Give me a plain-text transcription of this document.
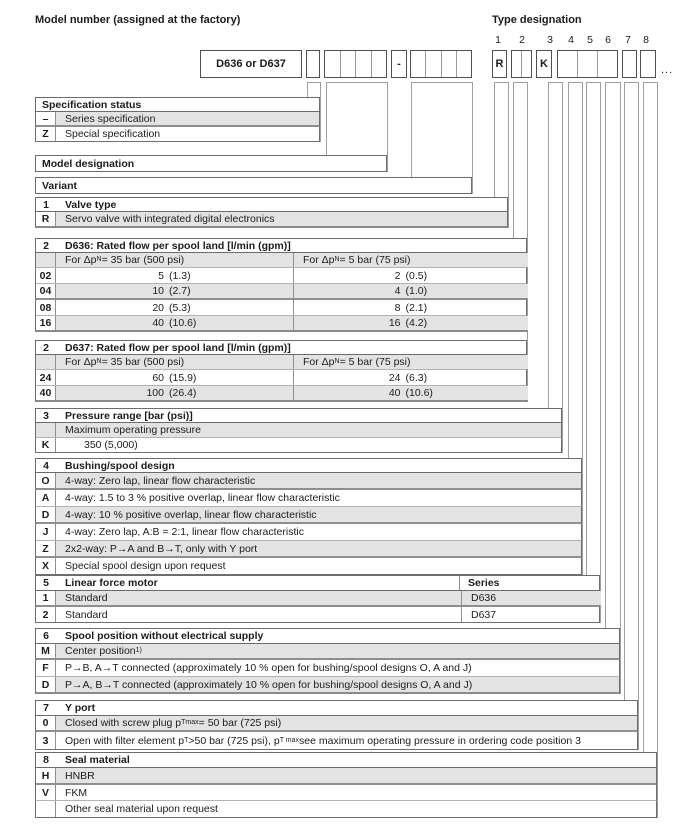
Model number (assigned at the factory)	Type designation
D636 or D637	-	R	K	...
1	2	3	4	5	6	7	8
Specification status
–	Series specification
Z	Special specification
Model designation
Variant
1	Valve type
R	Servo valve with integrated digital electronics
2	D636: Rated flow per spool land [l/min (gpm)]
For Δp N = 35 bar (500 psi)	For Δp N = 5 bar (75 psi)
02	5 (1.3)	2 (0.5)
04	10 (2.7)	4 (1.0)
08	20 (5.3)	8 (2.1)
16	40 (10.6)	16 (4.2)
2	D637: Rated flow per spool land [l/min (gpm)]
For Δp N = 35 bar (500 psi)	For Δp N = 5 bar (75 psi)
24	60 (15.9)	24 (6.3)
40	100 (26.4)	40 (10.6)
3	Pressure range [bar (psi)]
Maximum operating pressure
K	350 (5,000)
4	Bushing/spool design
O	4-way: Zero lap, linear flow characteristic
A	4-way: 1.5 to 3 % positive overlap, linear flow characteristic
D	4-way: 10 % positive overlap, linear flow characteristic
J	4-way: Zero lap, A:B = 2:1, linear flow characteristic
Z	2x2-way: P→A and B→T, only with Y port
X	Special spool design upon request
5	Linear force motor	Series
1	Standard	D636
2	Standard	D637
6	Spool position without electrical supply
M	Center position 1)
F	P→B, A→T connected (approximately 10 % open for bushing/spool designs O, A and J)
D	P→A, B→T connected (approximately 10 % open for bushing/spool designs O, A and J)
7	Y port
0	Closed with screw plug p Tmax = 50 bar (725 psi)
3	Open with filter element p T >50 bar (725 psi), p T max see maximum operating pressure in ordering code position 3
8	Seal material
H	HNBR
V	FKM
Other seal material upon request
